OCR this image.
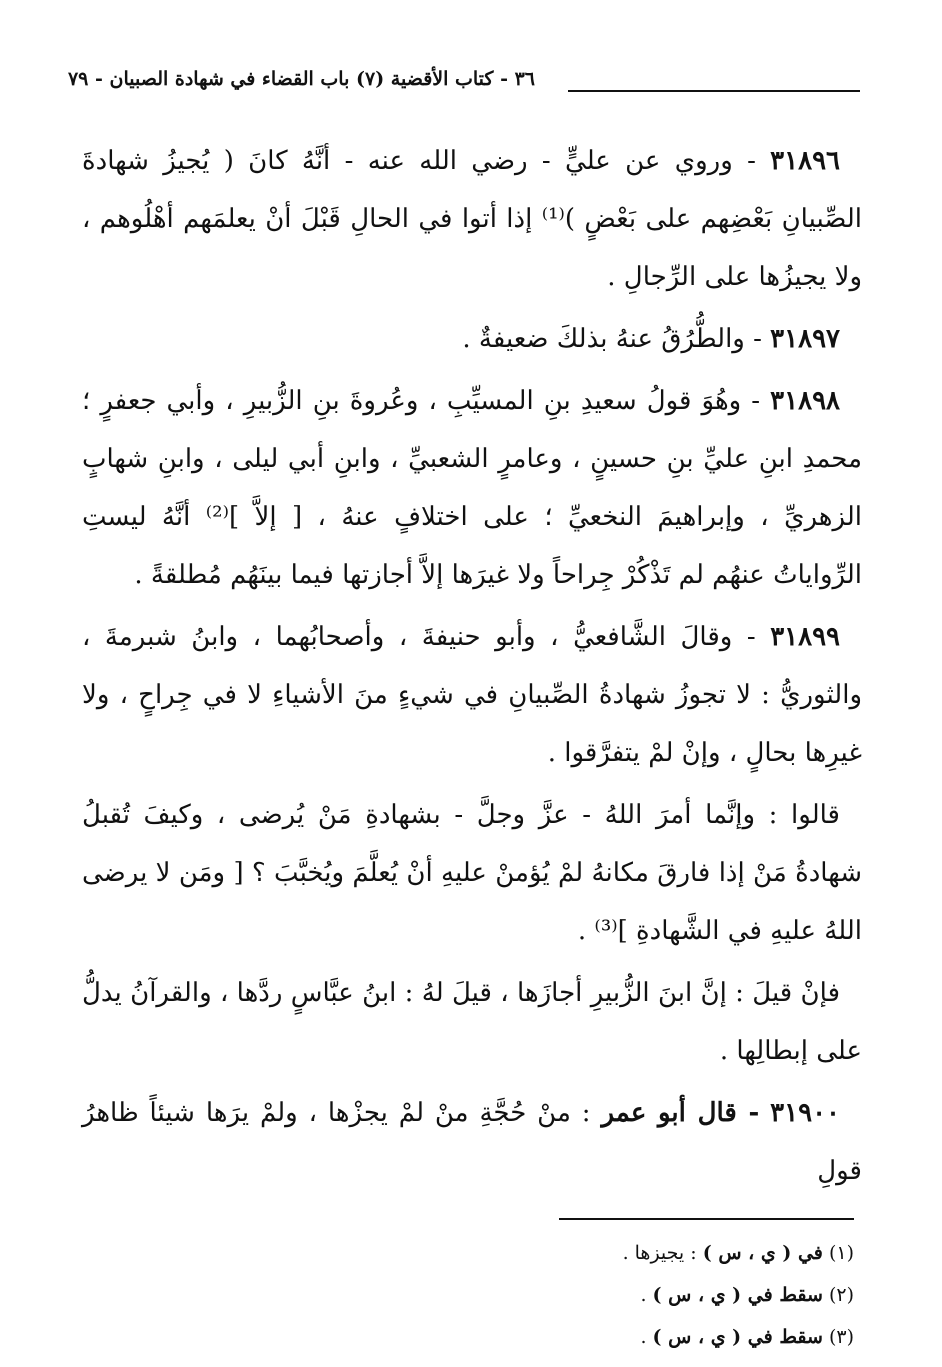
٣٦ - كتاب الأقضية (٧) باب القضاء في شهادة الصبيان - ٧٩

٣١٨٩٦ - وروي عن عليٍّ - رضي الله عنه - أنَّهُ كانَ ( يُجيزُ شهادةَ الصِّبيانِ بَعْضِهم على بَعْضٍ )⁽¹⁾ إذا أتوا في الحالِ قَبْلَ أنْ يعلمَهم أهْلُوهم ، ولا يجيزُها على الرِّجالِ .

٣١٨٩٧ - والطُّرُقُ عنهُ بذلكَ ضعيفةٌ .

٣١٨٩٨ - وهُوَ قولُ سعيدِ بنِ المسيِّبِ ، وعُروةَ بنِ الزُّبيرِ ، وأبي جعفرٍ ؛ محمدِ ابنِ عليِّ بنِ حسينٍ ، وعامرٍ الشعبيِّ ، وابنِ أبي ليلى ، وابنِ شهابٍ الزهريِّ ، وإبراهيمَ النخعيِّ ؛ على اختلافٍ عنهُ ، [ إلاَّ ]⁽²⁾ أنَّهُ ليستِ الرِّواياتُ عنهُم لم تَذْكُرْ جِراحاً ولا غيرَها إلاَّ أجازتها فيما بينَهُم مُطلقةً .

٣١٨٩٩ - وقالَ الشَّافعيُّ ، وأبو حنيفةَ ، وأصحابُهما ، وابنُ شبرمةَ ، والثوريُّ : لا تجوزُ شهادةُ الصِّبيانِ في شيءٍ منَ الأشياءِ لا في جِراحٍ ، ولا غيرِها بحالٍ ، وإنْ لمْ يتفرَّقوا .

قالوا : وإنَّما أمرَ اللهُ - عزَّ وجلَّ - بشهادةِ مَنْ يُرضى ، وكيفَ تُقبلُ شهادةُ مَنْ إذا فارقَ مكانهُ لمْ يُؤمنْ عليهِ أنْ يُعلَّمَ ويُخبَّبَ ؟ [ ومَن لا يرضى اللهُ عليهِ في الشَّهادةِ ]⁽³⁾ .

فإنْ قيلَ : إنَّ ابنَ الزُّبيرِ أجازَها ، قيلَ لهُ : ابنُ عبَّاسٍ ردَّها ، والقرآنُ يدلُّ على إبطالِها .

٣١٩٠٠ - قال أبو عمر : منْ حُجَّةِ منْ لمْ يجزْها ، ولمْ يرَها شيئاً ظاهرُ قولِ

(١) في ( ي ، س ) : يجيزها .

(٢) سقط في ( ي ، س ) .

(٣) سقط في ( ي ، س ) .
